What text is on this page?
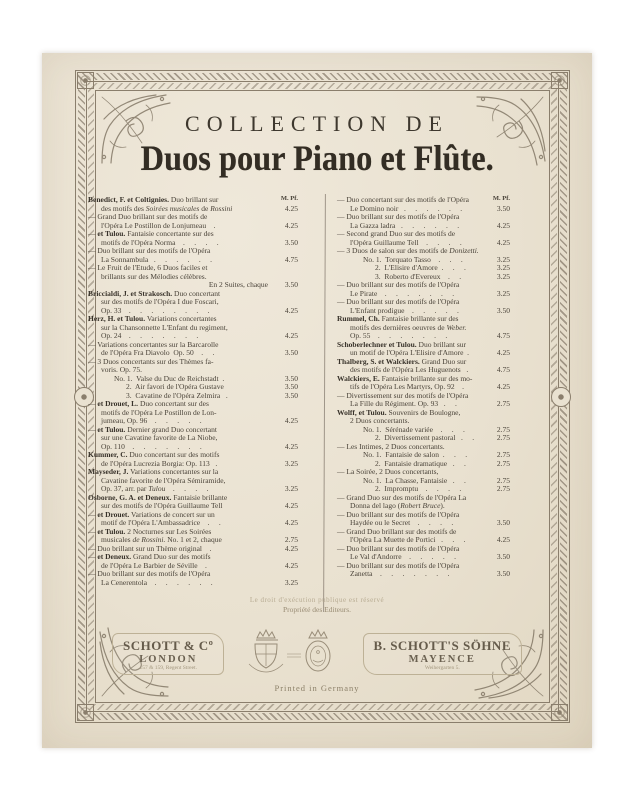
COLLECTION DE
Duos pour Piano et Flûte.
M. Pf.
Benedict, F. et Coltignies. Duo brillant sur
des motifs des Soirées musicales de Rossini	4.25
— Grand Duo brillant sur des motifs de
l'Opéra Le Postillon de Lonjumeau    .	4.25
— et Tulou. Fantaisie concertante sur des
motifs de l'Opéra Norma    .     .     .     .	3.50
— Duo brillant sur des motifs de l'Opéra
La Sonnambula   .     .     .     .     .     .	4.75
— Le Fruit de l'Etude, 6 Duos faciles et
brillants sur des Mélodies célèbres.
En 2 Suites, chaque 3.50
Briccialdi, J. et Strakosch. Duo concertant
sur des motifs de l'Opéra I due Foscari,
Op. 33    .     .     .     .     .     .     .     .	4.25
Herz, H. et Tulou. Variations concertantes
sur la Chansonnette L'Enfant du regiment,
Op. 24    .     .     .     .     .     .     .	4.25
— Variations concertantes sur la Barcarolle
de l'Opéra Fra Diavolo  Op. 50    .     .	3.50
— 3 Duos concertants sur des Thèmes fa-
voris. Op. 75.
No. 1.  Valse du Duc de Reichstadt  .	3.50
2.  Air favori de l'Opéra Gustave	3.50
3.  Cavatine de l'Opéra Zelmira   .	3.50
— et Drouet, L. Duo concertant sur des
motifs de l'Opéra Le Postillon de Lon-
jumeau, Op. 96    .     .     .     .     .	4.25
— et Tulou. Dernier grand Duo concertant
sur une Cavatine favorite de La Niobe,
Op. 110    .     .     .     .     .     .     .	4.25
Kummer, C. Duo concertant sur des motifs
de l'Opéra Lucrezia Borgia: Op. 113   .	3.25
Mayseder, J. Variations concertantes sur la
Cavatine favorite de l'Opéra Sémiramide,
Op. 37, arr. par Tulou    .     .     .     .	3.25
Osborne, G. A. et Deneux. Fantaisie brillante
sur des motifs de l'Opéra Guillaume Tell	4.25
— et Drouet. Variations de concert sur un
motif de l'Opéra L'Ambassadrice    .     .	4.25
— et Tulou. 2 Nocturnes sur Les Soirées
musicales de Rossini. No. 1 et 2, chaque	2.75
— Duo brillant sur un Thème original    .	4.25
— et Deneux. Grand Duo sur des motifs
de l'Opéra Le Barbier de Séville    .	4.25
— Duo brillant sur des motifs de l'Opéra
La Cenerentola    .     .     .     .     .     .	3.25
M. Pf.
— Duo concertant sur des motifs de l'Opéra
Le Domino noir   .     .     .     .     .     .	3.50
— Duo brillant sur des motifs de l'Opéra
La Gazza ladra   .     .     .     .     .     .	4.25
— Second grand Duo sur des motifs de
l'Opéra Guillaume Tell    .     .     .     .	4.25
— 3 Duos de salon sur des motifs de Donizetti.
No. 1.  Torquato Tasso    .     .     .	3.25
2.  L'Elisire d'Amore  .     .     .	3.25
3.  Roberto d'Evereux    .     .	3.25
— Duo brillant sur des motifs de l'Opéra
Le Pirate    .     .     .     .     .     .     .	3.25
— Duo brillant sur des motifs de l'Opéra
L'Enfant prodigue    .     .     .     .     .	3.50
Rummel, Ch. Fantaisie brillante sur des
motifs des dernières oeuvres de Weber.
Op. 55    .     .     .     .     .     .     .	4.75
Schoberlechner et Tulou. Duo brillant sur
un motif de l'Opéra L'Elisire d'Amore  .	4.25
Thalberg, S. et Walckiers. Grand Duo sur
des motifs de l'Opéra Les Huguenots   .	4.75
Walckiers, E. Fantaisie brillante sur des mo-
tifs de l'Opéra Les Martyrs, Op. 92    .	4.25
— Divertissement sur des motifs de l'Opéra
La Fille du Régiment. Op. 93   .     .	2.75
Wolff, et Tulou. Souvenirs de Boulogne,
2 Duos concertants.
No. 1.  Sérénade variée    .     .     .	2.75
2.  Divertissement pastoral   .     .	2.75
— Les Intimes, 2 Duos concertants.
No. 1.  Fantaisie de salon  .     .     .	2.75
2.  Fantaisie dramatique   .     .	2.75
— La Soirée, 2 Duos concertants,
No. 1.  La Chasse, Fantaisie   .     .	2.75
2.  Impromptu    .     .     .     .	2.75
— Grand Duo sur des motifs de l'Opéra La
Donna del lago (Robert Bruce).
— Duo brillant sur des motifs de l'Opéra
Haydée ou le Secret    .     .     .     .	3.50
— Grand Duo brillant sur des motifs de
l'Opéra La Muette de Portici   .     .     .	4.25
— Duo brillant sur des motifs de l'Opéra
Le Val d'Andorre    .     .     .     .     .	3.50
— Duo brillant sur des motifs de l'Opéra
Zanetta    .     .     .     .     .     .     .	3.50
Le droit d'exécution publique est réservé
Propriété des Editeurs.
SCHOTT & Cº
LONDON
157 & 159, Regent Street.
B. SCHOTT'S SÖHNE
MAYENCE
Weihergarten 5.
Printed in Germany
